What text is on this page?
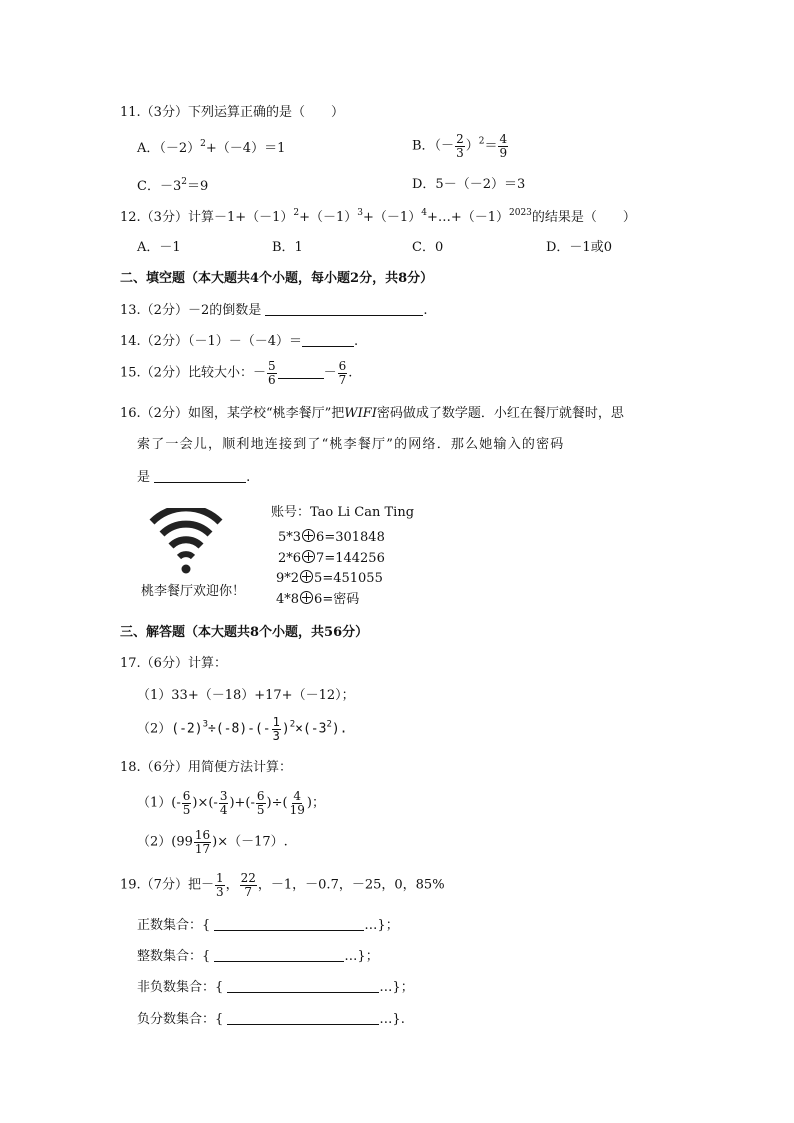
11.（3分）下列运算正确的是（　　）
A．$(-2)^2+(-4)=1$	B．（－ $\frac{2}{3} )^2= \frac{4}{9}$
C．$-3^2=9$	D．5－（－2）＝3
12.（3分）计算$-1+(-1)^2+(-1)^3+(-1)^4+\dots+(-1)^{2023}$的结果是（　　）
A．－1	B．1	C．0	D．－1或0
二、填空题（本大题共4个小题，每小题2分，共8分）
13.（2分）－2的倒数是	.
14.（2分）（－1）－（－4）＝	.
15.（2分）比较大小：－ $\frac{5}{6}$	－ $\frac{6}{7}$ .
16.（2分）如图，某学校“桃李餐厅”把WIFI密码做成了数学题．小红在餐厅就餐时，思
索了一会儿，顺利地连接到了“桃李餐厅”的网络．那么她输入的密码
是	.
桃李餐厅欢迎你！
账号：Tao Li Can Ting
5*3 6=301848
2*6 7=144256
9*2 5=451055
4*8 6=密码
三、解答题（本大题共8个小题，共56分）
17.（6分）计算：
（1）33+（－18）+17+（－12）；
$(2)(-2)^3\div(-8)-(- \frac{1}{3} )^2\times(-3^2)$.
18.（6分）用简便方法计算：
$(1)(- \frac{6}{5}$ )×(- $\frac{3}{4}$ )+(- $\frac{6}{5}$ )÷( $\frac{4}{19}$ )；
$(2)(99 \frac{16}{17} )\times(-17)$.
19.（7分）把－ $\frac{1}{3}$ ， $\frac{22}{7}$ ，－1，－0.7，－25，0，85%
正数集合：{	…}；
整数集合：{	…}；
非负数集合：{	…}；
负分数集合：{	…}.
